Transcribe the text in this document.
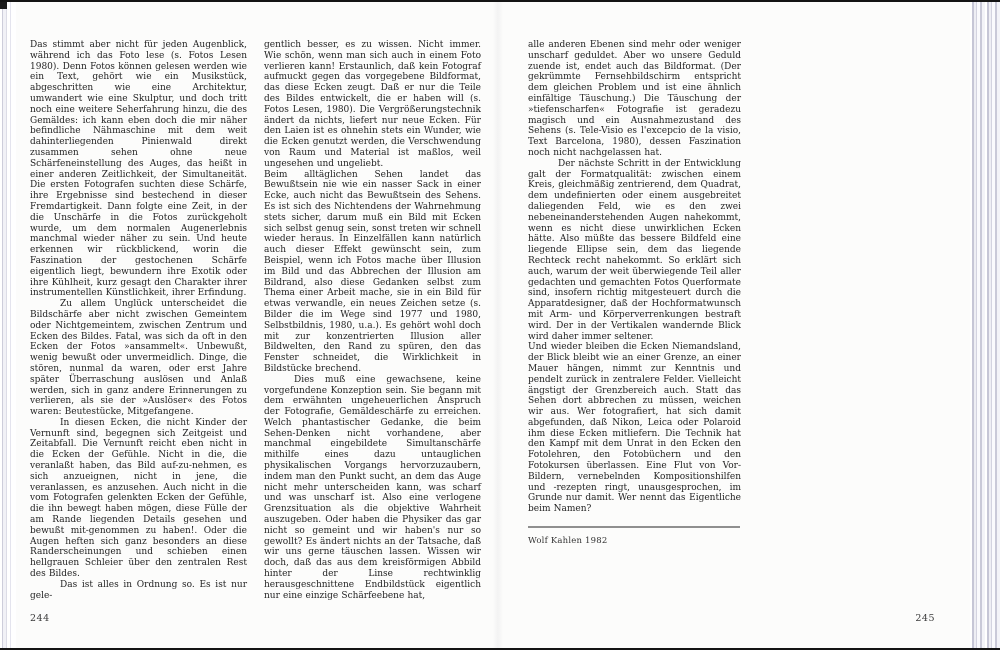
Das stimmt aber nicht für jeden Augenblick, während ich das Foto lese (s. Fotos Lesen 1980). Denn Fotos können gelesen werden wie ein Text, gehört wie ein Musikstück, abgeschritten wie eine Architektur, umwandert wie eine Skulptur, und doch tritt noch eine weitere Seherfahrung hinzu, die des Gemäldes: ich kann eben doch die mir näher befindliche Nähmaschine mit dem weit dahinterliegenden Pinienwald direkt zusammen sehen ohne neue Schärfeneinstellung des Auges, das heißt in einer anderen Zeitlichkeit, der Simultaneität. Die ersten Fotografen suchten diese Schärfe, ihre Ergebnisse sind bestechend in dieser Fremdartigkeit. Dann folgte eine Zeit, in der die Unschärfe in die Fotos zurückgeholt wurde, um dem normalen Augenerlebnis manchmal wieder näher zu sein. Und heute erkennen wir rückblickend, worin die Faszination der gestochenen Schärfe eigentlich liegt, bewundern ihre Exotik oder ihre Kühlheit, kurz gesagt den Charakter ihrer instrumentellen Künstlichkeit, ihrer Erfindung.

Zu allem Unglück unterscheidet die Bildschärfe aber nicht zwischen Gemeintem oder Nichtgemeintem, zwischen Zentrum und Ecken des Bildes. Fatal, was sich da oft in den Ecken der Fotos »ansammelt«. Unbewußt, wenig bewußt oder unvermeidlich. Dinge, die stören, nunmal da waren, oder erst Jahre später Überraschung auslösen und Anlaß werden, sich in ganz andere Erinnerungen zu verlieren, als sie der »Auslöser« des Fotos waren: Beutestücke, Mitgefangene.

In diesen Ecken, die nicht Kinder der Vernunft sind, begegnen sich Zeitgeist und Zeitabfall. Die Vernunft reicht eben nicht in die Ecken der Gefühle. Nicht in die, die veranlaßt haben, das Bild auf-zu-nehmen, es sich anzueignen, nicht in jene, die veranlassen, es anzusehen. Auch nicht in die vom Fotografen gelenkten Ecken der Gefühle, die ihn bewegt haben mögen, diese Fülle der am Rande liegenden Details gesehen und bewußt mit-genommen zu haben!. Oder die Augen heften sich ganz besonders an diese Randerscheinungen und schieben einen hellgrauen Schleier über den zentralen Rest des Bildes.

Das ist alles in Ordnung so. Es ist nur gele-

gentlich besser, es zu wissen. Nicht immer. Wie schön, wenn man sich auch in einem Foto verlieren kann! Erstaunlich, daß kein Fotograf aufmuckt gegen das vorgegebene Bildformat, das diese Ecken zeugt. Daß er nur die Teile des Bildes entwickelt, die er haben will (s. Fotos Lesen, 1980). Die Vergrößerungstechnik ändert da nichts, liefert nur neue Ecken. Für den Laien ist es ohnehin stets ein Wunder, wie die Ecken genutzt werden, die Verschwendung von Raum und Material ist maßlos, weil ungesehen und ungeliebt.

Beim alltäglichen Sehen landet das Bewußtsein nie wie ein nasser Sack in einer Ecke, auch nicht das Bewußtsein des Sehens. Es ist sich des Nichtendens der Wahrnehmung stets sicher, darum muß ein Bild mit Ecken sich selbst genug sein, sonst treten wir schnell wieder heraus. In Einzelfällen kann natürlich auch dieser Effekt gewünscht sein, zum Beispiel, wenn ich Fotos mache über Illusion im Bild und das Abbrechen der Illusion am Bildrand, also diese Gedanken selbst zum Thema einer Arbeit mache, sie in ein Bild für etwas verwandle, ein neues Zeichen setze (s. Bilder die im Wege sind 1977 und 1980, Selbstbildnis, 1980, u.a.). Es gehört wohl doch mit zur konzentrierten Illusion aller Bildwelten, den Rand zu spüren, den das Fenster schneidet, die Wirklichkeit in Bildstücke brechend.

Dies muß eine gewachsene, keine vorgefundene Konzeption sein. Sie begann mit dem erwähnten ungeheuerlichen Anspruch der Fotografie, Gemäldeschärfe zu erreichen. Welch phantastischer Gedanke, die beim Sehen-Denken nicht vorhandene, aber manchmal eingebildete Simultanschärfe mithilfe eines dazu untauglichen physikalischen Vorgangs hervorzuzaubern, indem man den Punkt sucht, an dem das Auge nicht mehr unterscheiden kann, was scharf und was unscharf ist. Also eine verlogene Grenzsituation als die objektive Wahrheit auszugeben. Oder haben die Physiker das gar nicht so gemeint und wir haben's nur so gewollt? Es ändert nichts an der Tatsache, daß wir uns gerne täuschen lassen. Wissen wir doch, daß das aus dem kreisförmigen Abbild hinter der Linse rechtwinklig herausgeschnittene Endbildstück eigentlich nur eine einzige Schärfeebene hat,

244

alle anderen Ebenen sind mehr oder weniger unscharf geduldet. Aber wo unsere Geduld zuende ist, endet auch das Bildformat. (Der gekrümmte Fernsehbildschirm entspricht dem gleichen Problem und ist eine ähnlich einfältige Täuschung.) Die Täuschung der »tiefenscharfen« Fotografie ist geradezu magisch und ein Ausnahmezustand des Sehens (s. Tele-Visio es l'excepcio de la visio, Text Barcelona, 1980), dessen Faszination noch nicht nachgelassen hat.

Der nächste Schritt in der Entwicklung galt der Formatqualität: zwischen einem Kreis, gleichmäßig zentrierend, dem Quadrat, dem undefinierten oder einem ausgebreitet daliegenden Feld, wie es den zwei nebeneinanderstehenden Augen nahekommt, wenn es nicht diese unwirklichen Ecken hätte. Also müßte das bessere Bildfeld eine liegende Ellipse sein, dem das liegende Rechteck recht nahekommt. So erklärt sich auch, warum der weit überwiegende Teil aller gedachten und gemachten Fotos Querformate sind, insofern richtig mitgesteuert durch die Apparatdesigner, daß der Hochformatwunsch mit Arm- und Körperverrenkungen bestraft wird. Der in der Vertikalen wandernde Blick wird daher immer seltener.

Und wieder bleiben die Ecken Niemandsland, der Blick bleibt wie an einer Grenze, an einer Mauer hängen, nimmt zur Kenntnis und pendelt zurück in zentralere Felder. Vielleicht ängstigt der Grenzbereich auch. Statt das Sehen dort abbrechen zu müssen, weichen wir aus. Wer fotografiert, hat sich damit abgefunden, daß Nikon, Leica oder Polaroid ihm diese Ecken mitliefern. Die Technik hat den Kampf mit dem Unrat in den Ecken den Fotolehren, den Fotobüchern und den Fotokursen überlassen. Eine Flut von Vor-Bildern, vernebelnden Kompositionshilfen und -rezepten ringt, unausgesprochen, im Grunde nur damit. Wer nennt das Eigentliche beim Namen?

Wolf Kahlen 1982
245
